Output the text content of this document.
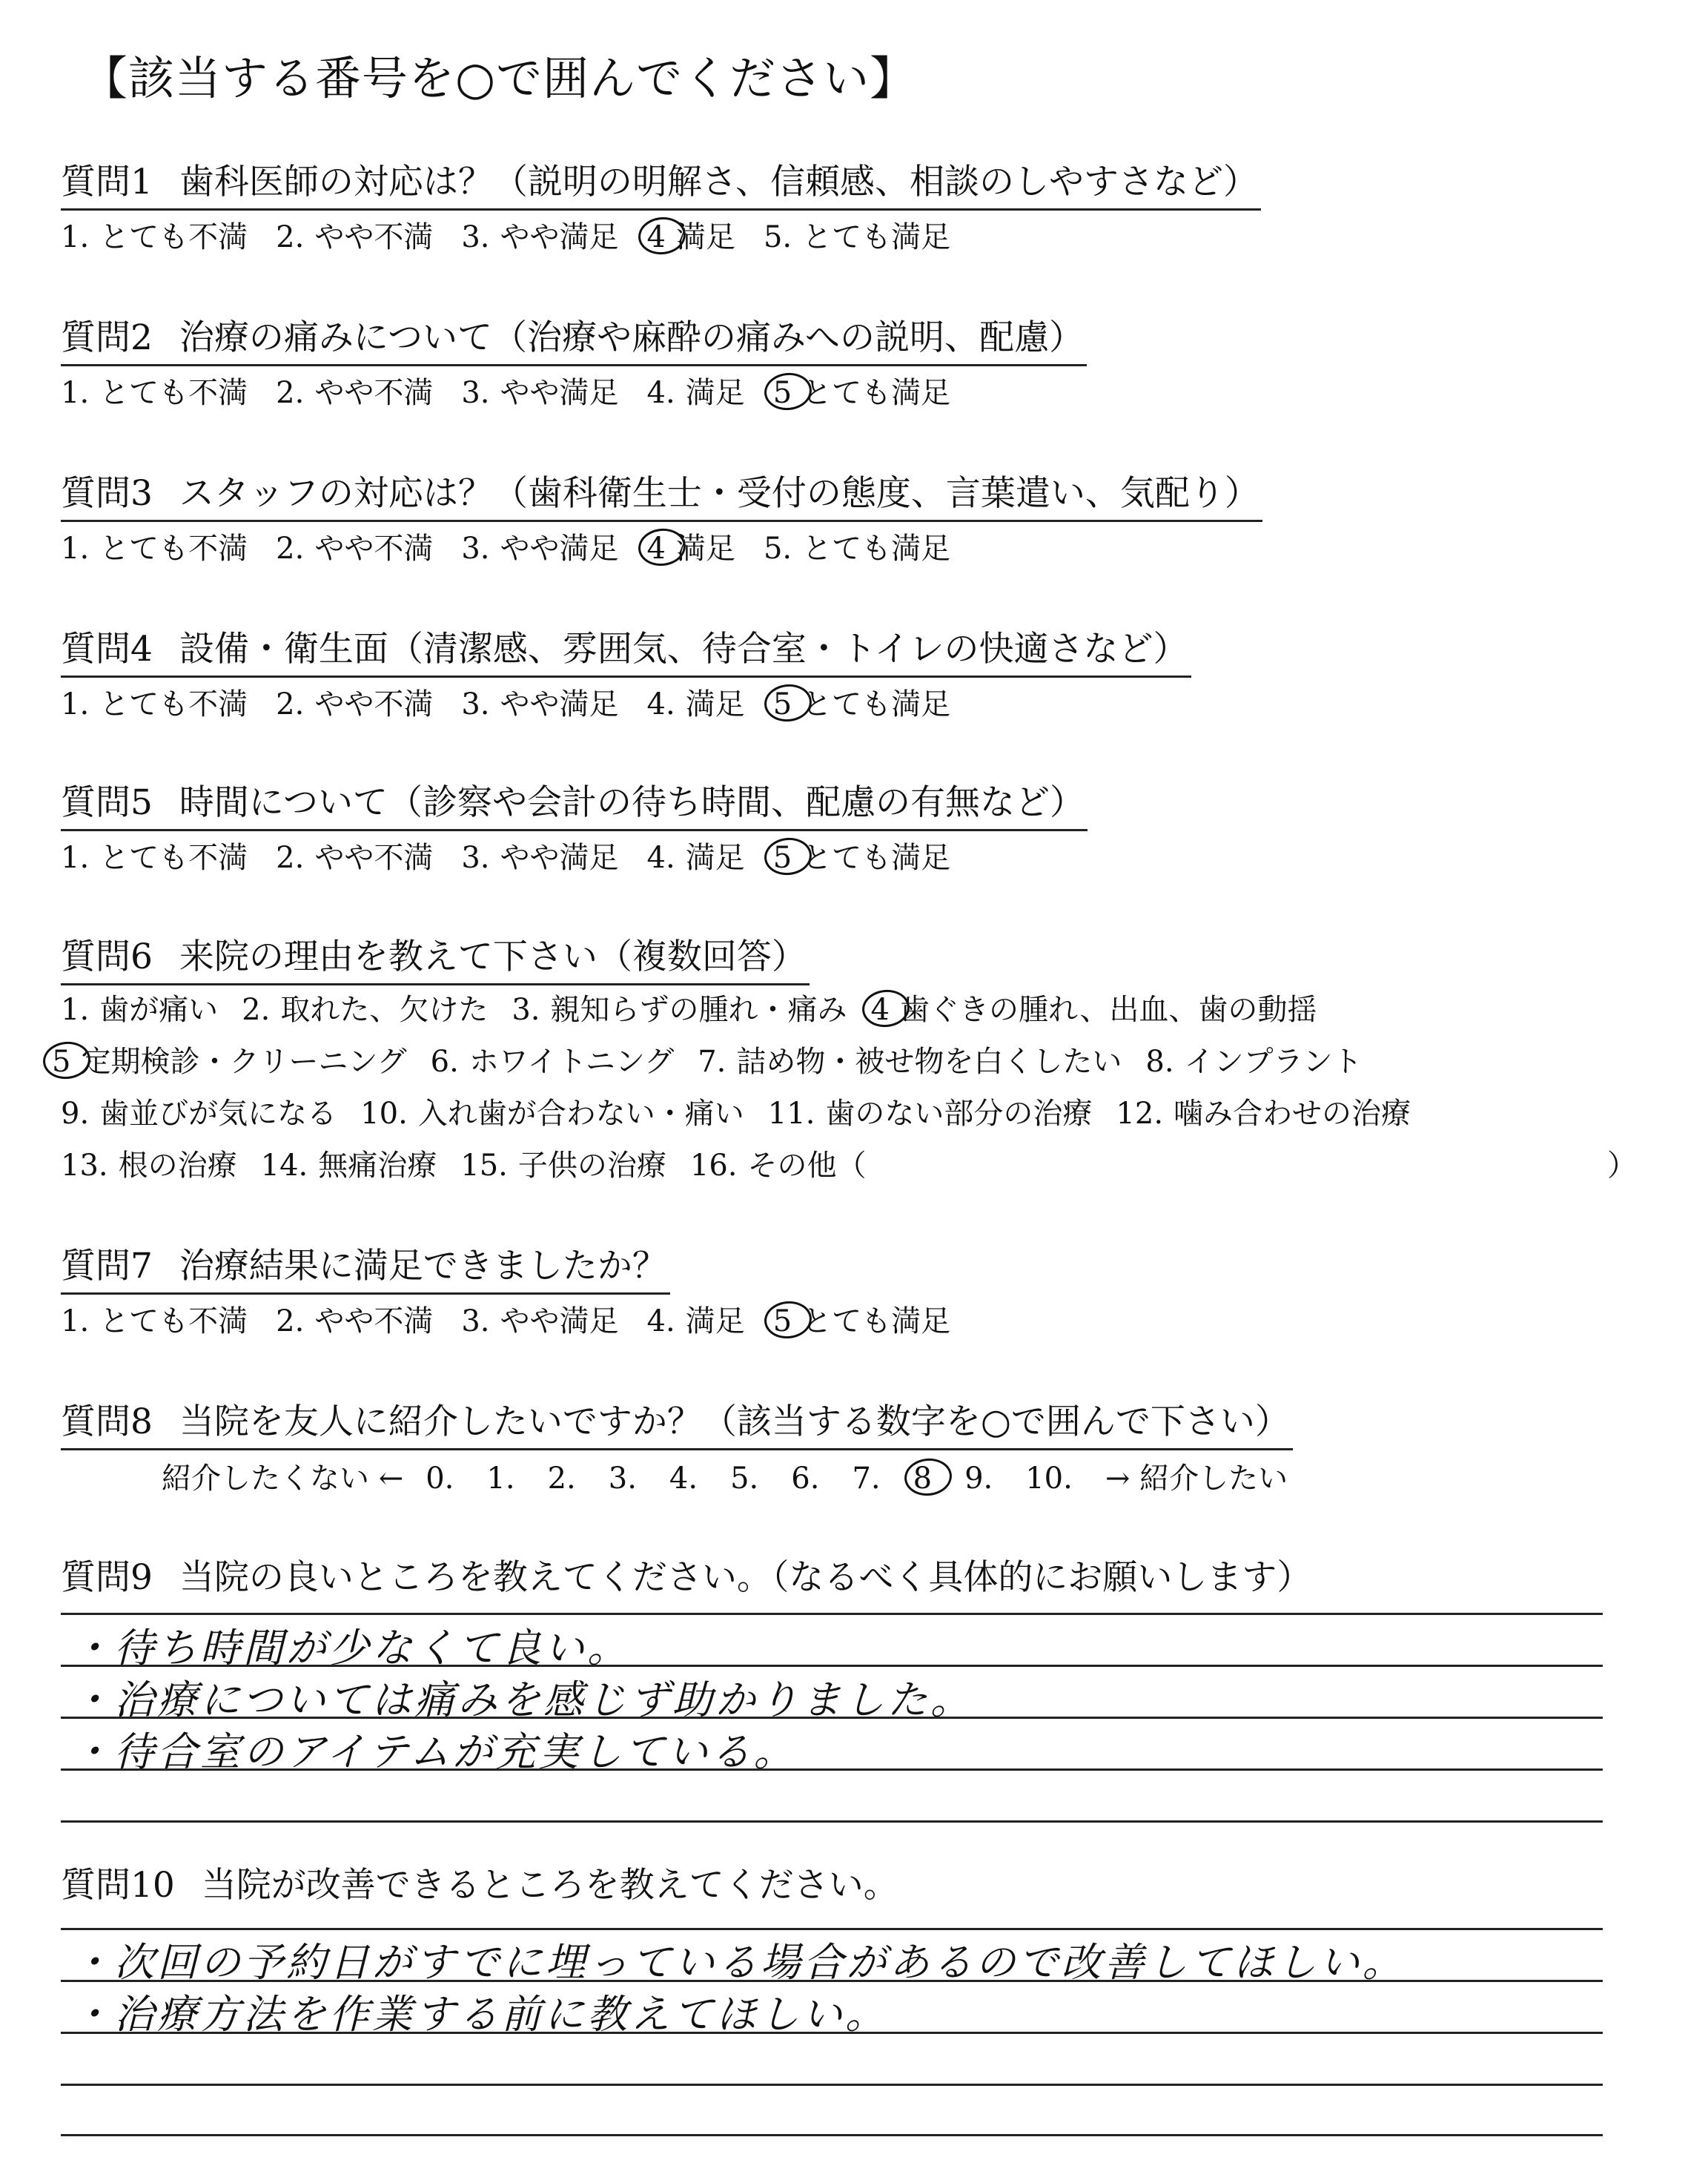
【該当する番号を○で囲んでください】
質問1 歯科医師の対応は？（説明の明解さ、信頼感、相談のしやすさなど）
1. とても不満 2. やや不満 3. やや満足 4 満足 5. とても満足
質問2 治療の痛みについて（治療や麻酔の痛みへの説明、配慮）
1. とても不満 2. やや不満 3. やや満足 4. 満足 5 とても満足
質問3 スタッフの対応は？（歯科衛生士・受付の態度、言葉遣い、気配り）
1. とても不満 2. やや不満 3. やや満足 4 満足 5. とても満足
質問4 設備・衛生面（清潔感、雰囲気、待合室・トイレの快適さなど）
1. とても不満 2. やや不満 3. やや満足 4. 満足 5 とても満足
質問5 時間について（診察や会計の待ち時間、配慮の有無など）
1. とても不満 2. やや不満 3. やや満足 4. 満足 5 とても満足
質問6 来院の理由を教えて下さい（複数回答）
1. 歯が痛い 2. 取れた、欠けた 3. 親知らずの腫れ・痛み 4 歯ぐきの腫れ、出血、歯の動揺
5 定期検診・クリーニング 6. ホワイトニング 7. 詰め物・被せ物を白くしたい 8. インプラント
9. 歯並びが気になる 10. 入れ歯が合わない・痛い 11. 歯のない部分の治療 12. 噛み合わせの治療
13. 根の治療 14. 無痛治療 15. 子供の治療 16. その他（	）
質問7 治療結果に満足できましたか？
1. とても不満 2. やや不満 3. やや満足 4. 満足 5 とても満足
質問8 当院を友人に紹介したいですか？（該当する数字を○で囲んで下さい）
紹介したくない ← 0. 1. 2. 3. 4. 5. 6. 7. 8 9. 10. → 紹介したい
質問9 当院の良いところを教えてください。（なるべく具体的にお願いします）
・待ち時間が少なくて良い。
・治療については痛みを感じず助かりました。
・待合室のアイテムが充実している。
質問10 当院が改善できるところを教えてください。
・次回の予約日がすでに埋っている場合があるので改善してほしい。
・治療方法を作業する前に教えてほしい。
